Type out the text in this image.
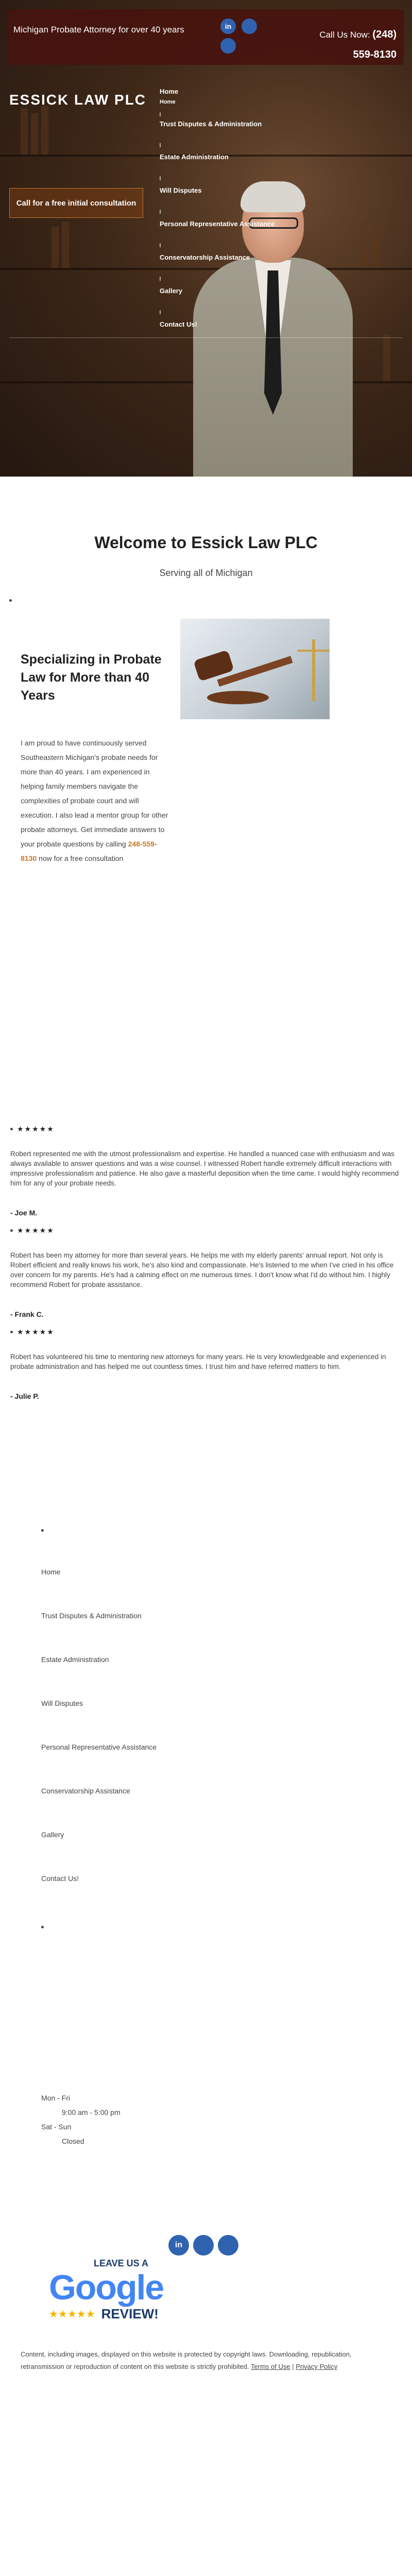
Michigan Probate Attorney for over 40 years	in
Call Us Now: (248)
559-8130
ESSICK LAW PLC
Call for a free initial consultation
Home
Home
Trust Disputes & Administration
Estate Administration
Will Disputes
Personal Representative Assistance
Conservatorship Assistance
Gallery
Contact Us!
Welcome to Essick Law PLC
Serving all of Michigan
Specializing in Probate Law for More than 40 Years

I am proud to have continuously served Southeastern Michigan's probate needs for more than 40 years. I am experienced in helping family members navigate the complexities of probate court and will execution. I also lead a mentor group for other probate attorneys. Get immediate answers to your probate questions by calling 248-559-8130 now for a free consultation

★★★★★

Robert represented me with the utmost professionalism and expertise. He handled a nuanced case with enthusiasm and was always available to answer questions and was a wise counsel. I witnessed Robert handle extremely difficult interactions with impressive professionalism and patience. He also gave a masterful deposition when the time came. I would highly recommend him for any of your probate needs.

- Joe M.
★★★★★

Robert has been my attorney for more than several years. He helps me with my elderly parents' annual report. Not only is Robert efficient and really knows his work, he's also kind and compassionate. He's listened to me when I've cried in his office over concern for my parents. He's had a calming effect on me numerous times. I don't know what I'd do without him. I highly recommend Robert for probate assistance.

- Frank C.
★★★★★

Robert has volunteered his time to mentoring new attorneys for many years. He is very knowledgeable and experienced in probate administration and has helped me out countless times. I trust him and have referred matters to him.

- Julie P.
Home
Trust Disputes & Administration
Estate Administration
Will Disputes
Personal Representative Assistance
Conservatorship Assistance
Gallery
Contact Us!
Mon - Fri
9:00 am - 5:00 pm
Sat - Sun
Closed
in
LEAVE US A
Google
★★★★★ REVIEW!

Content, including images, displayed on this website is protected by copyright laws. Downloading, republication, retransmission or reproduction of content on this website is strictly prohibited. Terms of Use | Privacy Policy
